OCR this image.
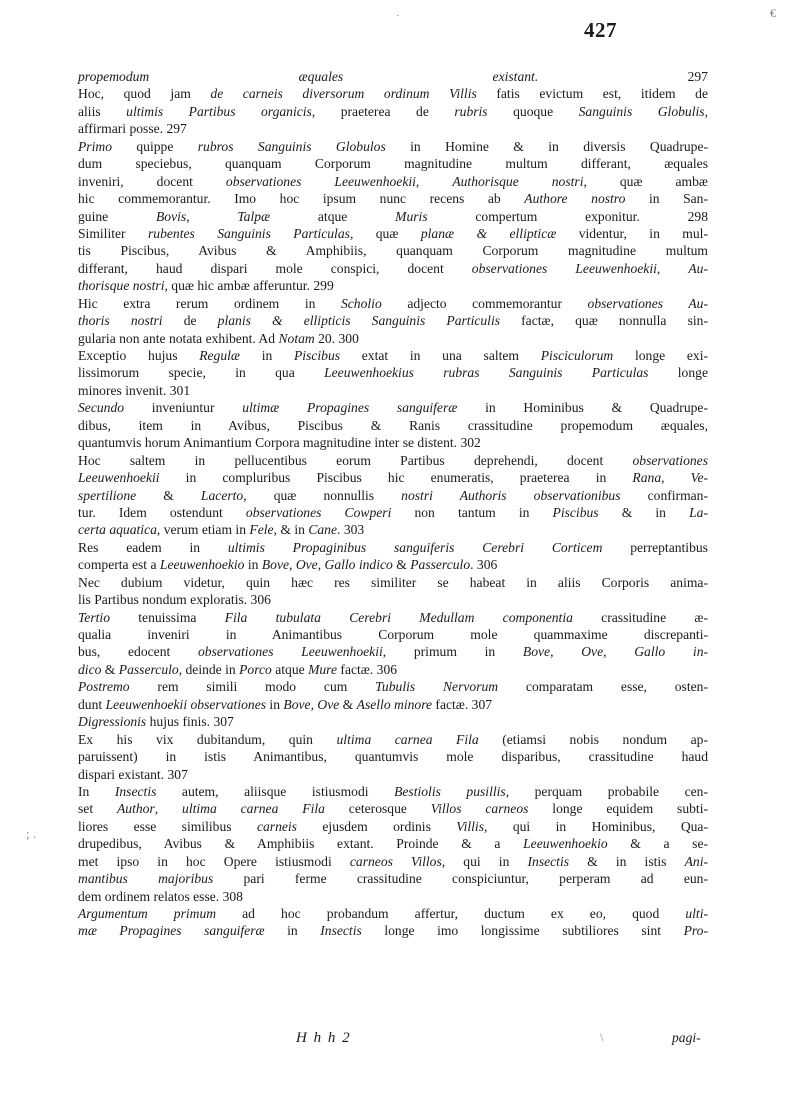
€
·
427
; .
propemodum æquales existant. 297
Hoc, quod jam de carneis diversorum ordinum Villis fatis evictum est, itidem de
aliis ultimis Partibus organicis, praeterea de rubris quoque Sanguinis Globulis,
affirmari posse. 297
Primo quippe rubros Sanguinis Globulos in Homine & in diversis Quadrupe-
dum speciebus, quanquam Corporum magnitudine multum differant, æquales
inveniri, docent observationes Leeuwenhoekii, Authorisque nostri, quæ ambæ
hic commemorantur. Imo hoc ipsum nunc recens ab Authore nostro in San-
guine Bovis, Talpæ atque Muris compertum exponitur. 298
Similiter rubentes Sanguinis Particulas, quæ planæ & ellipticæ videntur, in mul-
tis Piscibus, Avibus & Amphibiis, quanquam Corporum magnitudine multum
differant, haud dispari mole conspici, docent observationes Leeuwenhoekii, Au-
thorisque nostri, quæ hic ambæ afferuntur. 299
Hic extra rerum ordinem in Scholio adjecto commemorantur observationes Au-
thoris nostri de planis & ellipticis Sanguinis Particulis factæ, quæ nonnulla sin-
gularia non ante notata exhibent. Ad Notam 20. 300
Exceptio hujus Regulæ in Piscibus extat in una saltem Pisciculorum longe exi-
lissimorum specie, in qua Leeuwenhoekius rubras Sanguinis Particulas longe
minores invenit. 301
Secundo inveniuntur ultimæ Propagines sanguiferæ in Hominibus & Quadrupe-
dibus, item in Avibus, Piscibus & Ranis crassitudine propemodum æquales,
quantumvis horum Animantium Corpora magnitudine inter se distent. 302
Hoc saltem in pellucentibus eorum Partibus deprehendi, docent observationes
Leeuwenhoekii in compluribus Piscibus hic enumeratis, praeterea in Rana, Ve-
spertilione & Lacerto, quæ nonnullis nostri Authoris observationibus confirman-
tur. Idem ostendunt observationes Cowperi non tantum in Piscibus & in La-
certa aquatica, verum etiam in Fele, & in Cane. 303
Res eadem in ultimis Propaginibus sanguiferis Cerebri Corticem perreptantibus
comperta est a Leeuwenhoekio in Bove, Ove, Gallo indico & Passerculo. 306
Nec dubium videtur, quin hæc res similiter se habeat in aliis Corporis anima-
lis Partibus nondum exploratis. 306
Tertio tenuissima Fila tubulata Cerebri Medullam componentia crassitudine æ-
qualia inveniri in Animantibus Corporum mole quammaxime discrepanti-
bus, edocent observationes Leeuwenhoekii, primum in Bove, Ove, Gallo in-
dico & Passerculo, deinde in Porco atque Mure factæ. 306
Postremo rem simili modo cum Tubulis Nervorum comparatam esse, osten-
dunt Leeuwenhoekii observationes in Bove, Ove & Asello minore factæ. 307
Digressionis hujus finis. 307
Ex his vix dubitandum, quin ultima carnea Fila (etiamsi nobis nondum ap-
paruissent) in istis Animantibus, quantumvis mole disparibus, crassitudine haud
dispari existant. 307
In Insectis autem, aliisque istiusmodi Bestiolis pusillis, perquam probabile cen-
set Author, ultima carnea Fila ceterosque Villos carneos longe equidem subti-
liores esse similibus carneis ejusdem ordinis Villis, qui in Hominibus, Qua-
drupedibus, Avibus & Amphibiis extant. Proinde & a Leeuwenhoekio & a se-
met ipso in hoc Opere istiusmodi carneos Villos, qui in Insectis & in istis Ani-
mantibus majoribus pari ferme crassitudine conspiciuntur, perperam ad eun-
dem ordinem relatos esse. 308
Argumentum primum ad hoc probandum affertur, ductum ex eo, quod ulti-
mæ Propagines sanguiferæ in Insectis longe imo longissime subtiliores sint Pro-
H h h 2	pagi-
\
